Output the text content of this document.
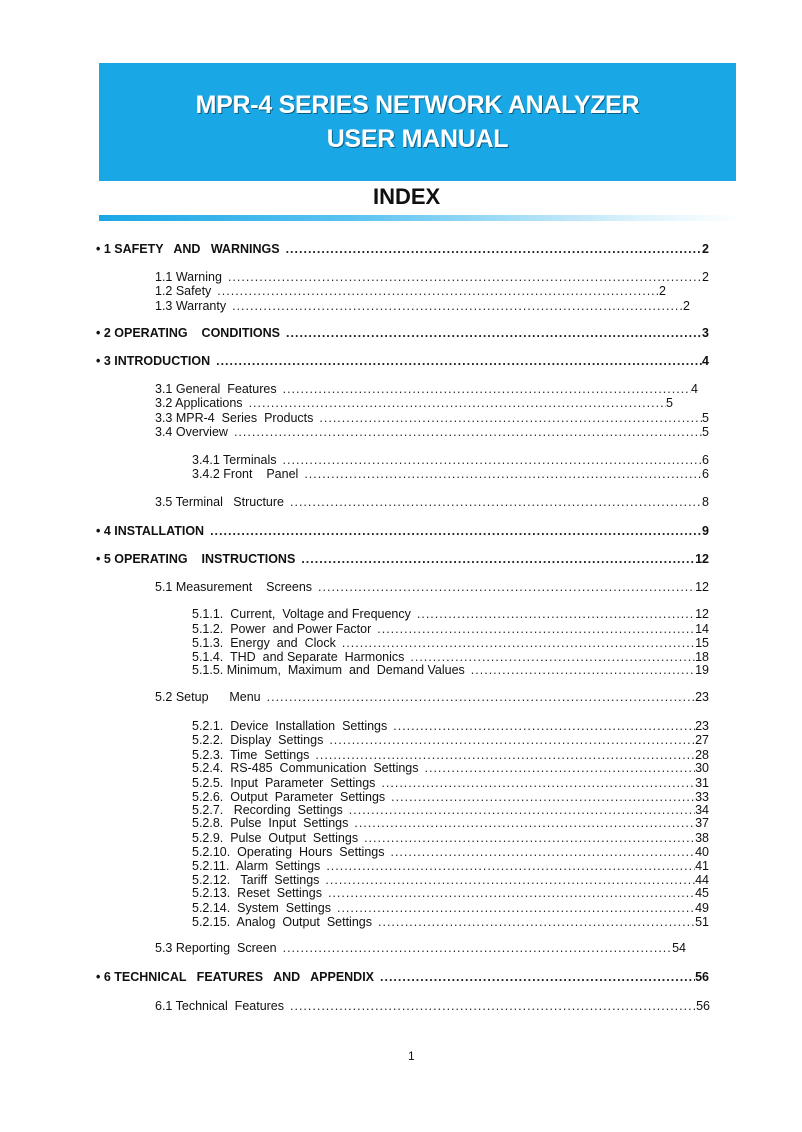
MPR-4 SERIES NETWORK ANALYZER
USER MANUAL
INDEX
• 1 SAFETY   AND   WARNINGS .....	2
1.1 Warning .....	2
1.2 Safety .....	2
1.3 Warranty .....	2
• 2 OPERATING    CONDITIONS .....	3
• 3 INTRODUCTION .....	4
3.1 General  Features .....	4
3.2 Applications .....	5
3.3 MPR-4  Series  Products .....	5
3.4 Overview .....	5
3.4.1 Terminals .....	6
3.4.2 Front    Panel .....	6
3.5 Terminal   Structure .....	8
• 4 INSTALLATION .....	9
• 5 OPERATING    INSTRUCTIONS .....	12
5.1 Measurement    Screens .....	12
5.1.1.  Current,  Voltage and Frequency .....	12
5.1.2.  Power  and Power Factor .....	14
5.1.3.  Energy  and  Clock .....	15
5.1.4.  THD  and Separate  Harmonics .....	18
5.1.5. Minimum,  Maximum  and  Demand Values .....	19
5.2 Setup      Menu .....	23
5.2.1.  Device  Installation  Settings .....	23
5.2.2.  Display  Settings .....	27
5.2.3.  Time  Settings .....	28
5.2.4.  RS-485  Communication  Settings .....	30
5.2.5.  Input  Parameter  Settings .....	31
5.2.6.  Output  Parameter  Settings .....	33
5.2.7.   Recording  Settings .....	34
5.2.8.  Pulse  Input  Settings .....	37
5.2.9.  Pulse  Output  Settings .....	38
5.2.10.  Operating  Hours  Settings .....	40
5.2.11.  Alarm  Settings .....	41
5.2.12.   Tariff  Settings .....	44
5.2.13.  Reset  Settings .....	45
5.2.14.  System  Settings .....	49
5.2.15.  Analog  Output  Settings .....	51
5.3 Reporting  Screen .....	54
• 6 TECHNICAL   FEATURES   AND   APPENDIX .....	56
6.1 Technical  Features .....	56
1
